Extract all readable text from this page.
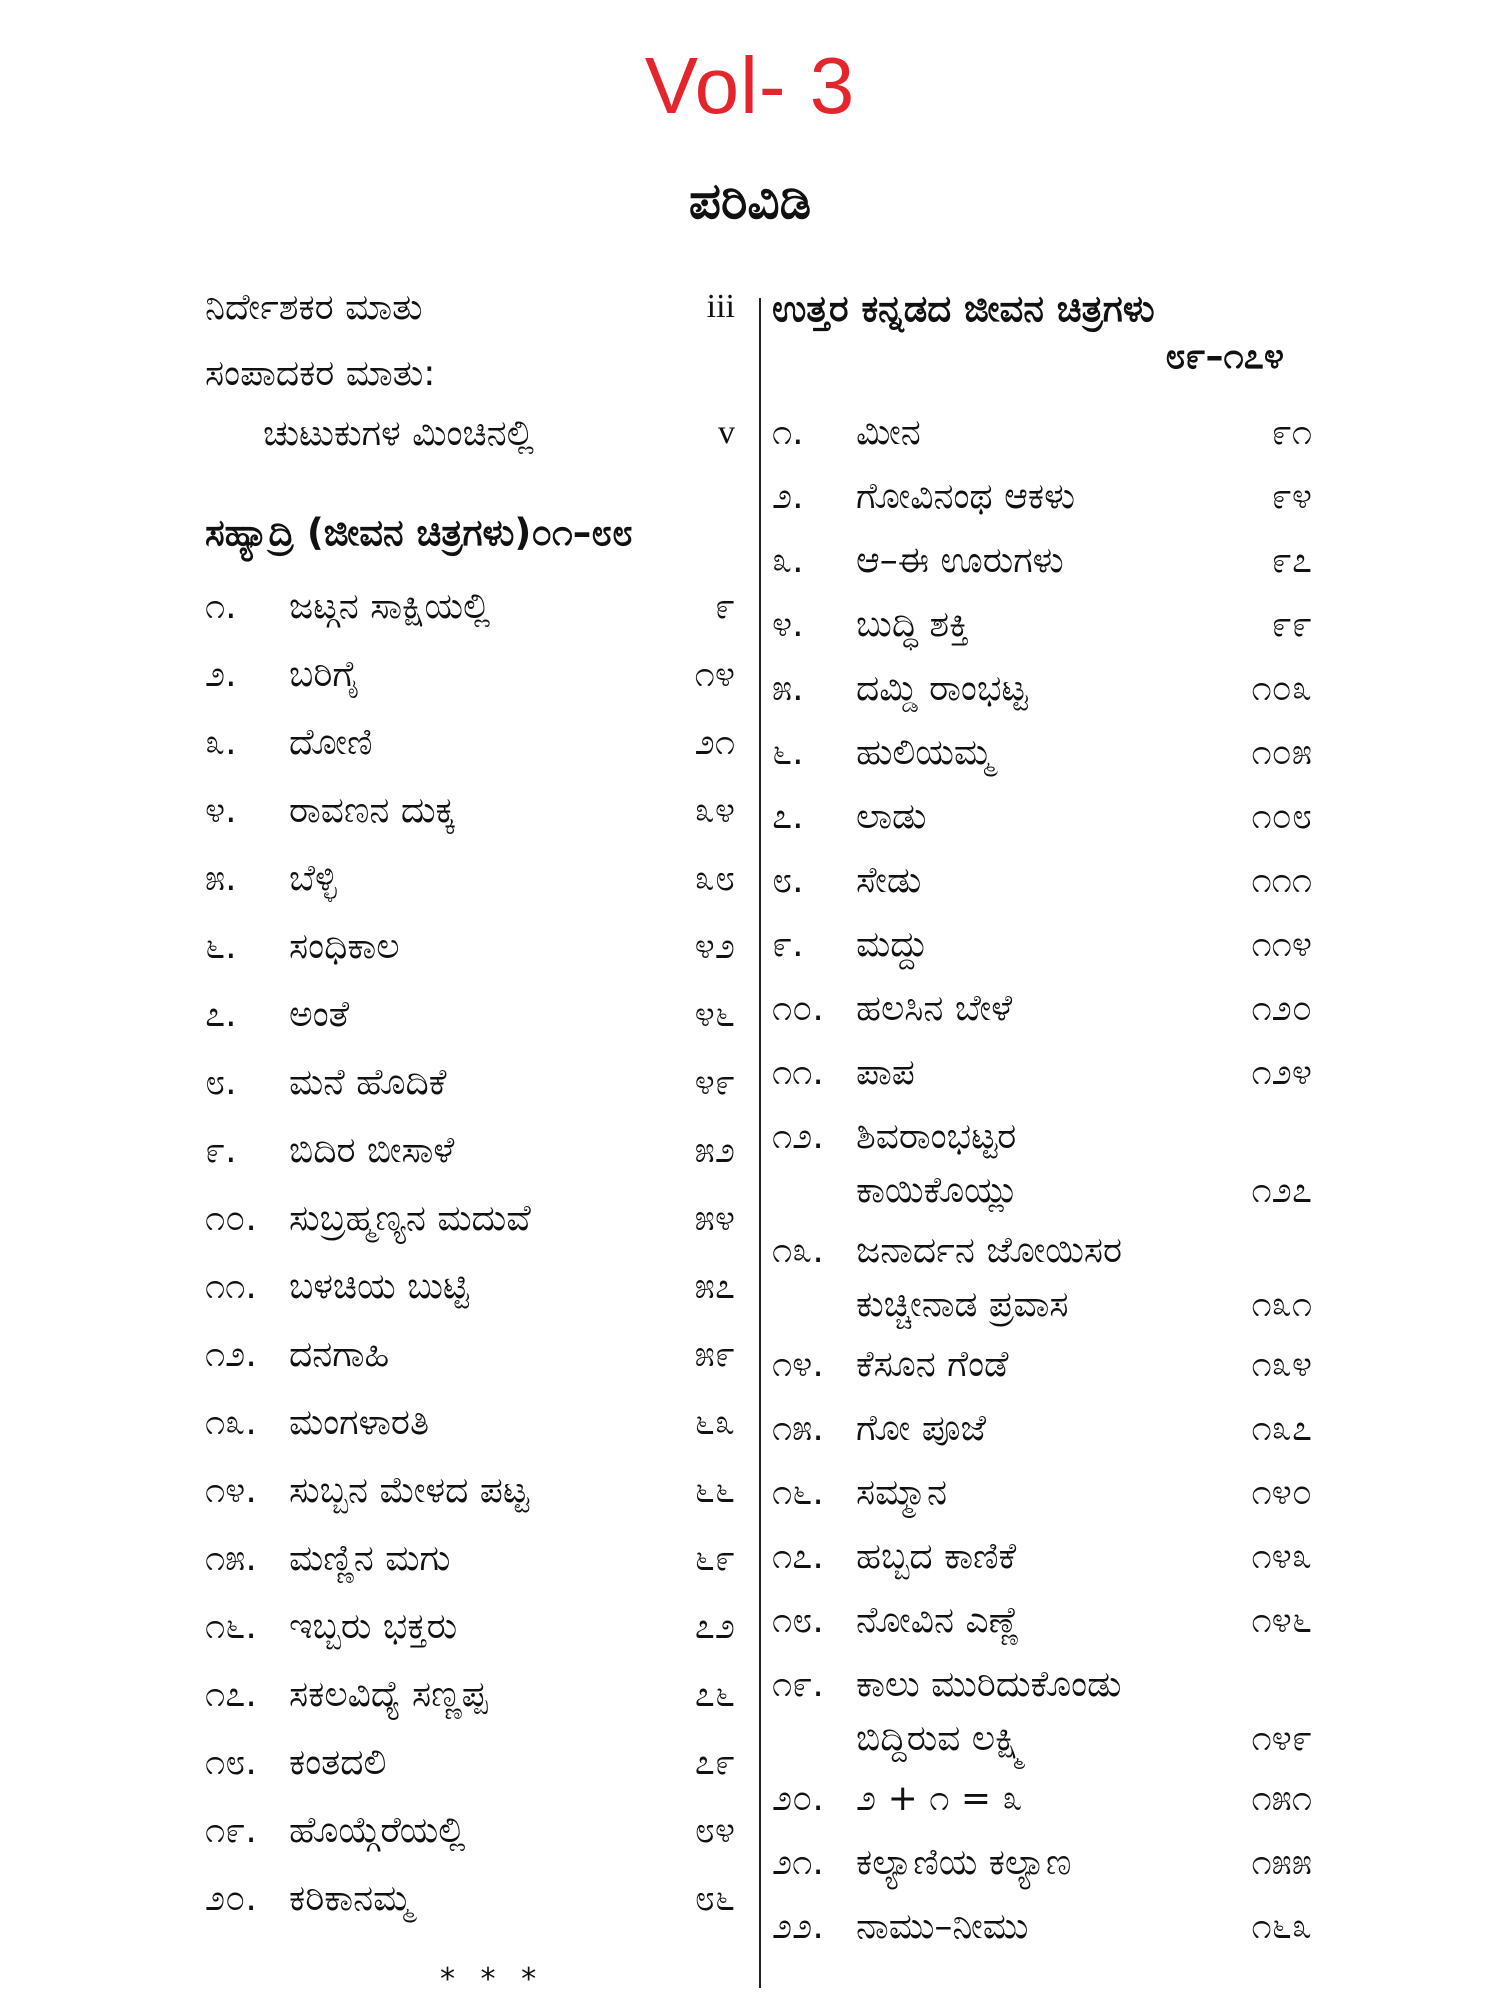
Vol- 3
ಪರಿವಿಡಿ
ನಿರ್ದೇಶಕರ ಮಾತು	iii
ಸಂಪಾದಕರ ಮಾತು:
ಚುಟುಕುಗಳ ಮಿಂಚಿನಲ್ಲಿ	v
ಸಹ್ಯಾದ್ರಿ (ಜೀವನ ಚಿತ್ರಗಳು)೦೧–೮೮
೧. ಜಟ್ಗನ ಸಾಕ್ಷಿಯಲ್ಲಿ	೯
೨. ಬರಿಗೈ	೧೪
೩. ದೋಣಿ	೨೧
೪. ರಾವಣನ ದುಕ್ಕ	೩೪
೫. ಬೆಳ್ಳಿ	೩೮
೬. ಸಂಧಿಕಾಲ	೪೨
೭. ಅಂತೆ	೪೬
೮. ಮನೆ ಹೊದಿಕೆ	೪೯
೯. ಬಿದಿರ ಬೀಸಾಳೆ	೫೨
೧೦. ಸುಬ್ರಹ್ಮಣ್ಯನ ಮದುವೆ	೫೪
೧೧. ಬಳಚಿಯ ಬುಟ್ಟಿ	೫೭
೧೨. ದನಗಾಹಿ	೫೯
೧೩. ಮಂಗಳಾರತಿ	೬೩
೧೪. ಸುಬ್ಬನ ಮೇಳದ ಪಟ್ಟ	೬೬
೧೫. ಮಣ್ಣಿನ ಮಗು	೬೯
೧೬. ಇಬ್ಬರು ಭಕ್ತರು	೭೨
೧೭. ಸಕಲವಿದ್ಯೆ ಸಣ್ಣಪ್ಪ	೭೬
೧೮. ಕಂತದಲಿ	೭೯
೧೯. ಹೊಯ್ಗೆರೆಯಲ್ಲಿ	೮೪
೨೦. ಕರಿಕಾನಮ್ಮ	೮೬
ಉತ್ತರ ಕನ್ನಡದ ಜೀವನ ಚಿತ್ರಗಳು
೮೯–೧೭೪
೧. ಮೀನ	೯೧
೨. ಗೋವಿನಂಥ ಆಕಳು	೯೪
೩. ಆ–ಈ ಊರುಗಳು	೯೭
೪. ಬುದ್ಧಿ ಶಕ್ತಿ	೯೯
೫. ದಮ್ಡಿ ರಾಂಭಟ್ಟ	೧೦೩
೬. ಹುಲಿಯಮ್ಮ	೧೦೫
೭. ಲಾಡು	೧೦೮
೮. ಸೇಡು	೧೧೧
೯. ಮದ್ದು	೧೧೪
೧೦. ಹಲಸಿನ ಬೇಳೆ	೧೨೦
೧೧. ಪಾಪ	೧೨೪
೧೨. ಶಿವರಾಂಭಟ್ಟರ
ಕಾಯಿಕೊಯ್ಲು	೧೨೭
೧೩. ಜನಾರ್ದನ ಜೋಯಿಸರ
ಕುಚ್ಚೀನಾಡ ಪ್ರವಾಸ	೧೩೧
೧೪. ಕೆಸೂನ ಗೆಂಡೆ	೧೩೪
೧೫. ಗೋ ಪೂಜೆ	೧೩೭
೧೬. ಸಮ್ಮಾನ	೧೪೦
೧೭. ಹಬ್ಬದ ಕಾಣಿಕೆ	೧೪೩
೧೮. ನೋವಿನ ಎಣ್ಣೆ	೧೪೬
೧೯. ಕಾಲು ಮುರಿದುಕೊಂಡು
ಬಿದ್ದಿರುವ ಲಕ್ಷ್ಮಿ	೧೪೯
೨೦. ೨ + ೧ = ೩	೧೫೧
೨೧. ಕಲ್ಯಾಣಿಯ ಕಲ್ಯಾಣ	೧೫೫
೨೨. ನಾಮು–ನೀಮು	೧೬೩
* * *
